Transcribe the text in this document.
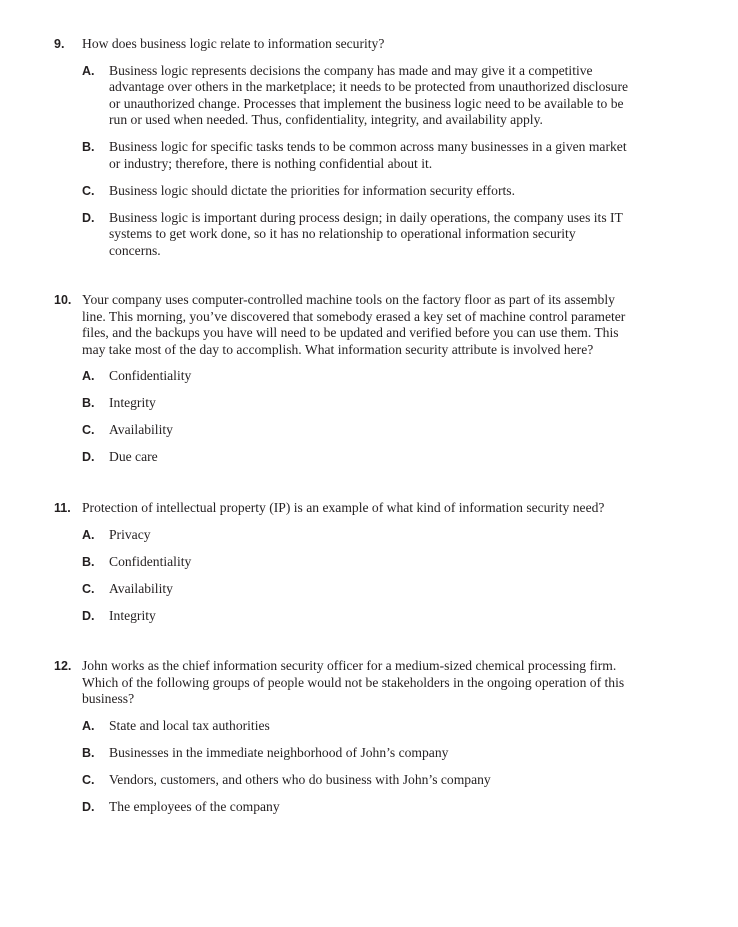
9. How does business logic relate to information security?
A. Business logic represents decisions the company has made and may give it a competitive advantage over others in the marketplace; it needs to be protected from unauthorized disclosure or unauthorized change. Processes that implement the business logic need to be available to be run or used when needed. Thus, confidentiality, integrity, and availability apply.
B. Business logic for specific tasks tends to be common across many businesses in a given market or industry; therefore, there is nothing confidential about it.
C. Business logic should dictate the priorities for information security efforts.
D. Business logic is important during process design; in daily operations, the company uses its IT systems to get work done, so it has no relationship to operational information security concerns.
10. Your company uses computer-controlled machine tools on the factory floor as part of its assembly line. This morning, you’ve discovered that somebody erased a key set of machine control parameter files, and the backups you have will need to be updated and verified before you can use them. This may take most of the day to accomplish. What information security attribute is involved here?
A. Confidentiality
B. Integrity
C. Availability
D. Due care
11. Protection of intellectual property (IP) is an example of what kind of information security need?
A. Privacy
B. Confidentiality
C. Availability
D. Integrity
12. John works as the chief information security officer for a medium-sized chemical processing firm. Which of the following groups of people would not be stakeholders in the ongoing operation of this business?
A. State and local tax authorities
B. Businesses in the immediate neighborhood of John’s company
C. Vendors, customers, and others who do business with John’s company
D. The employees of the company
